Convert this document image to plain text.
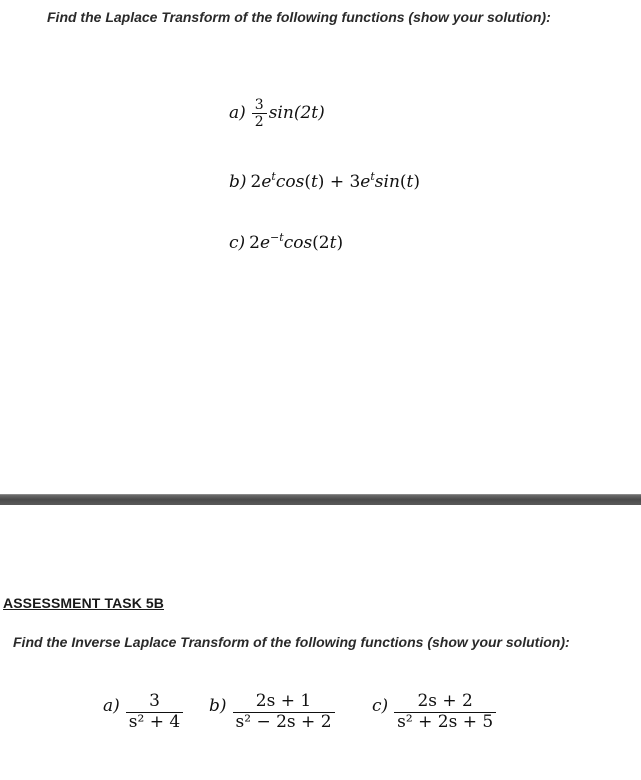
Find the Laplace Transform of the following functions (show your solution):
$a) \frac{3}{2} \sin(2t)$
b) $2e^t\cos(t) + 3e^t\sin(t)$
c) $2e^{-t}\cos(2t)$
ASSESSMENT TASK 5B
Find the Inverse Laplace Transform of the following functions (show your solution):
$a) \frac{3}{\text{s² + 4}} b) \frac{2s + 1}{\text{s² − 2s + 2}} c) \frac{2s + 2}{\text{s² + 2s + 5}}$
